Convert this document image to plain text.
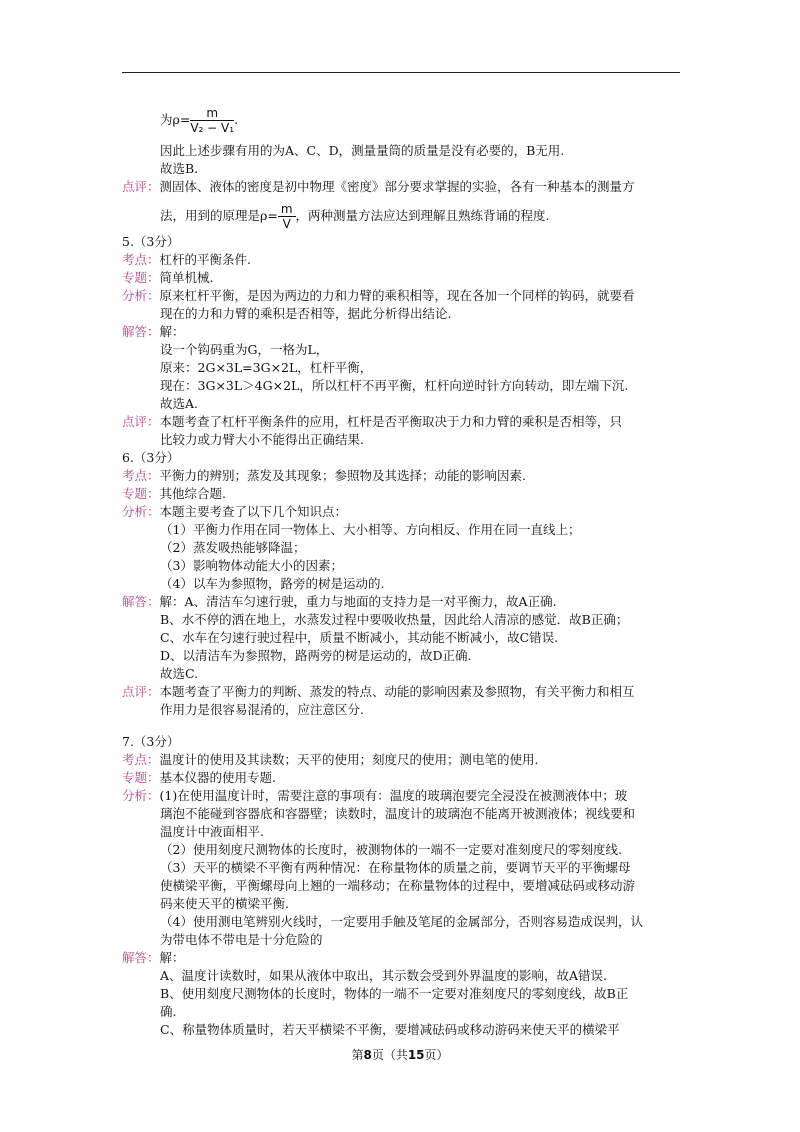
为$\rho= \frac{m}{\text{V₂ − V₁}}$ .
因此上述步骤有用的为A、C、D，测量量筒的质量是没有必要的，B无用.
故选B.
点评：测固体、液体的密度是初中物理《密度》部分要求掌握的实验，各有一种基本的测量方
法，用到的原理是$\rho= \frac{m}{V}$ ，两种测量方法应达到理解且熟练背诵的程度.
5.（3分）
考点：杠杆的平衡条件.
专题：简单机械.
分析：原来杠杆平衡，是因为两边的力和力臂的乘积相等，现在各加一个同样的钩码，就要看
现在的力和力臂的乘积是否相等，据此分析得出结论.
解答：解：
设一个钩码重为G，一格为L，
原来：2G×3L=3G×2L，杠杆平衡，
现在：3G×3L＞4G×2L，所以杠杆不再平衡，杠杆向逆时针方向转动，即左端下沉.
故选A.
点评：本题考查了杠杆平衡条件的应用，杠杆是否平衡取决于力和力臂的乘积是否相等，只
比较力或力臂大小不能得出正确结果.
6.（3分）
考点：平衡力的辨别；蒸发及其现象；参照物及其选择；动能的影响因素.
专题：其他综合题.
分析：本题主要考查了以下几个知识点：
（1）平衡力作用在同一物体上、大小相等、方向相反、作用在同一直线上；
（2）蒸发吸热能够降温；
（3）影响物体动能大小的因素；
（4）以车为参照物，路旁的树是运动的.
解答：解：A、清洁车匀速行驶，重力与地面的支持力是一对平衡力，故A正确.
B、水不停的洒在地上，水蒸发过程中要吸收热量，因此给人清凉的感觉．故B正确；
C、水车在匀速行驶过程中，质量不断减小，其动能不断减小，故C错误.
D、以清洁车为参照物，路两旁的树是运动的，故D正确.
故选C.
点评：本题考查了平衡力的判断、蒸发的特点、动能的影响因素及参照物，有关平衡力和相互
作用力是很容易混淆的，应注意区分.
7.（3分）
考点：温度计的使用及其读数；天平的使用；刻度尺的使用；测电笔的使用.
专题：基本仪器的使用专题.
分析：(1)在使用温度计时，需要注意的事项有：温度的玻璃泡要完全浸没在被测液体中；玻
璃泡不能碰到容器底和容器壁；读数时，温度计的玻璃泡不能离开被测液体；视线要和
温度计中液面相平.
（2）使用刻度尺测物体的长度时，被测物体的一端不一定要对准刻度尺的零刻度线.
（3）天平的横梁不平衡有两种情况：在称量物体的质量之前，要调节天平的平衡螺母
使横梁平衡，平衡螺母向上翘的一端移动；在称量物体的过程中，要增减砝码或移动游
码来使天平的横梁平衡.
（4）使用测电笔辨别火线时，一定要用手触及笔尾的金属部分，否则容易造成误判，认
为带电体不带电是十分危险的
解答：解：
A、温度计读数时，如果从液体中取出，其示数会受到外界温度的影响，故A错误.
B、使用刻度尺测物体的长度时，物体的一端不一定要对准刻度尺的零刻度线，故B正
确.
C、称量物体质量时，若天平横梁不平衡，要增减砝码或移动游码来使天平的横梁平
第8页（共15页）
